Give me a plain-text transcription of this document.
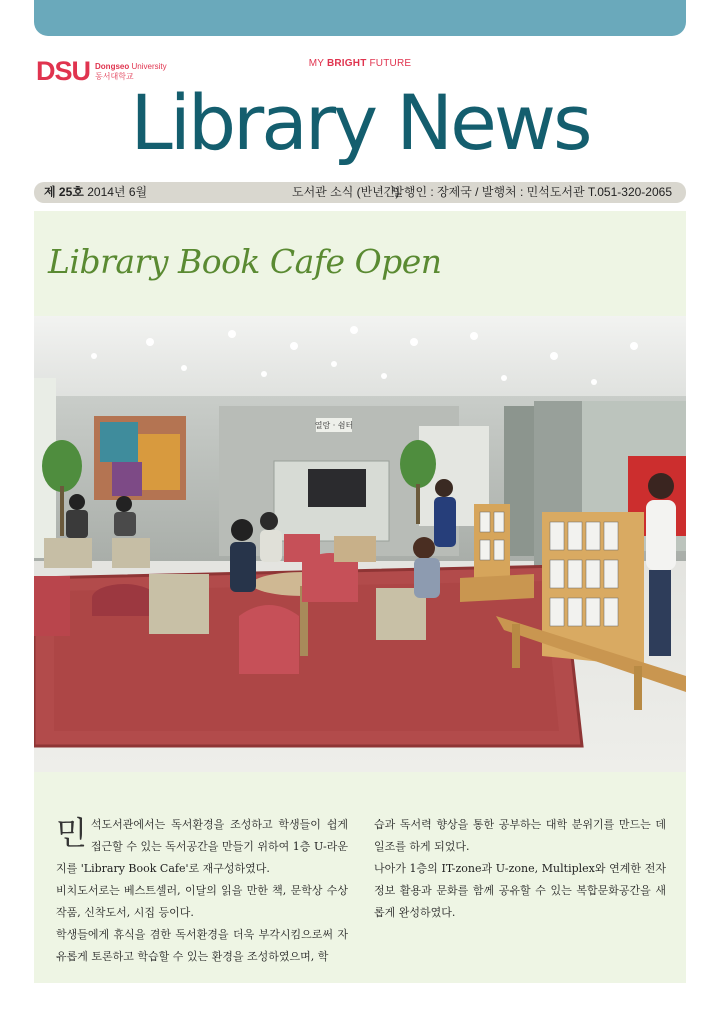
DSU Dongseo University
동서대학교
MY BRIGHT FUTURE
Library News
제 25호 2014년 6월	도서관 소식 (반년간)
발행인 : 장제국 / 발행처 : 민석도서관 T.051-320-2065
Library Book Cafe Open
열람 · 쉼터

민석도서관에서는 독서환경을 조성하고 학생들이 쉽게 접근할 수 있는 독서공간을 만들기 위하여 1층 U-라운지를 'Library Book Cafe'로 재구성하였다.

비치도서로는 베스트셀러, 이달의 읽을 만한 책, 문학상 수상작품, 신착도서, 시집 등이다.

학생들에게 휴식을 겸한 독서환경을 더욱 부각시킴으로써 자유롭게 토론하고 학습할 수 있는 환경을 조성하였으며, 학

습과 독서력 향상을 통한 공부하는 대학 분위기를 만드는 데 일조를 하게 되었다.

나아가 1층의 IT-zone과 U-zone, Multiplex와 연계한 전자정보 활용과 문화를 함께 공유할 수 있는 복합문화공간을 새롭게 완성하였다.
